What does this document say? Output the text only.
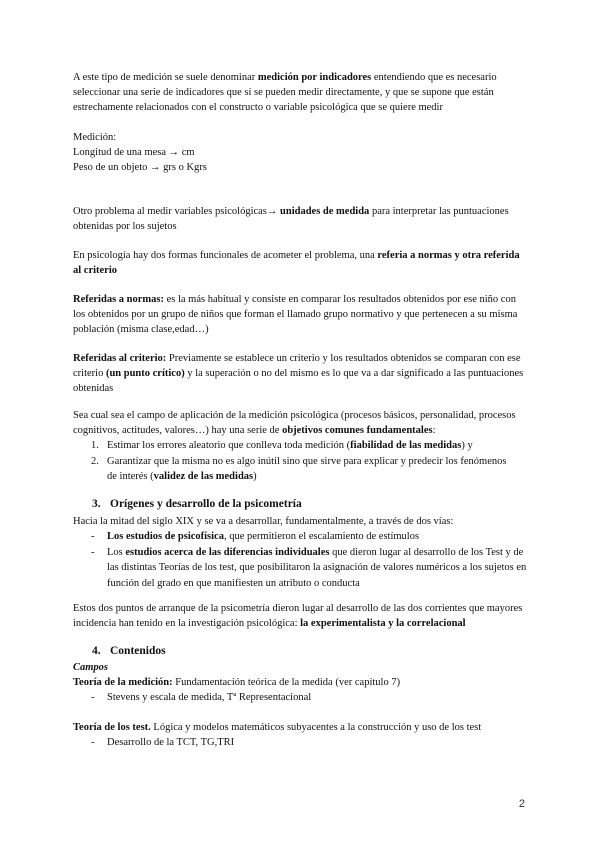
A este tipo de medición se suele denominar medición por indicadores entendiendo que es necesario seleccionar una serie de indicadores que sí se pueden medir directamente, y que se supone que están estrechamente relacionados con el constructo o variable psicológica que se quiere medir
Medición:
Longitud de una mesa → cm
Peso de un objeto → grs o Kgrs
Otro problema al medir variables psicológicas→ unidades de medida para interpretar las puntuaciones obtenidas por los sujetos
En psicología hay dos formas funcionales de acometer el problema, una referia a normas y otra referida al criterio
Referidas a normas: es la más habitual y consiste en comparar los resultados obtenidos por ese niño con los obtenidos por un grupo de niños que forman el llamado grupo normativo y que pertenecen a su misma población (misma clase,edad…)
Referidas al criterio: Previamente se establece un criterio y los resultados obtenidos se comparan con ese criterio (un punto crítico) y la superación o no del mismo es lo que va a dar significado a las puntuaciones obtenidas
Sea cual sea el campo de aplicación de la medición psicológica (procesos básicos, personalidad, procesos cognitivos, actitudes, valores…) hay una serie de objetivos comunes fundamentales:
1. Estimar los errores aleatorio que conlleva toda medición (fiabilidad de las medidas) y
2. Garantizar que la misma no es algo inútil sino que sirve para explicar y predecir los fenómenos de interés (validez de las medidas)
3. Orígenes y desarrollo de la psicometría
Hacia la mitad del siglo XIX y se va a desarrollar, fundamentalmente, a través de dos vías:
- Los estudios de psicofísica, que permitieron el escalamiento de estímulos
- Los estudios acerca de las diferencias individuales que dieron lugar al desarrollo de los Test y de las distintas Teorías de los test, que posibilitaron la asignación de valores numéricos a los sujetos en función del grado en que manifiesten un atributo o conducta
Estos dos puntos de arranque de la psicometría dieron lugar al desarrollo de las dos corrientes que mayores incidencia han tenido en la investigación psicológica: la experimentalista y la correlacional
4. Contenidos
Campos
Teoría de la medición: Fundamentación teórica de la medida (ver capítulo 7)
- Stevens y escala de medida, Tª Representacional
Teoría de los test. Lógica y modelos matemáticos subyacentes a la construcción y uso de los test
- Desarrollo de la TCT, TG,TRI
2
